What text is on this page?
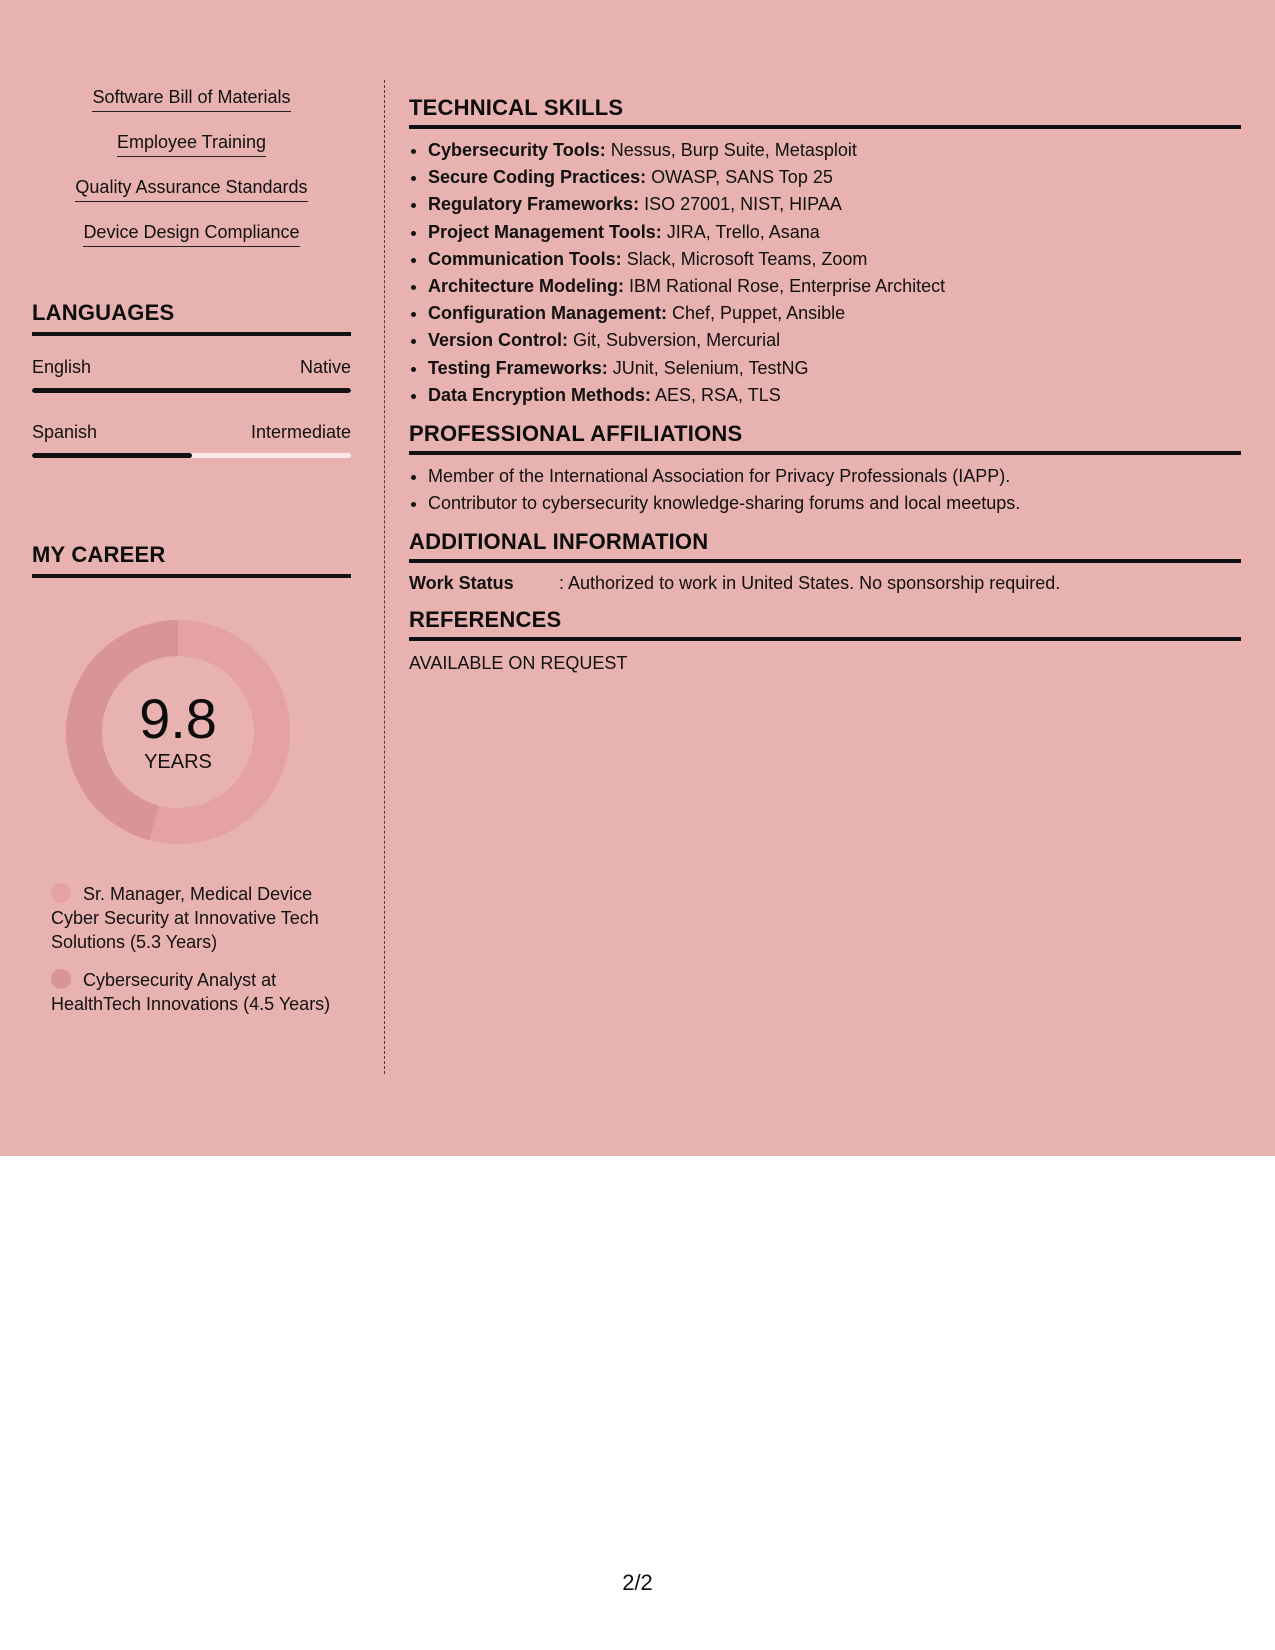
Software Bill of Materials
Employee Training
Quality Assurance Standards
Device Design Compliance
LANGUAGES
English	Native
Spanish	Intermediate
MY CAREER
9.8
YEARS
Sr. Manager, Medical Device Cyber Security at Innovative Tech Solutions (5.3 Years)
Cybersecurity Analyst at HealthTech Innovations (4.5 Years)
TECHNICAL SKILLS
• Cybersecurity Tools: Nessus, Burp Suite, Metasploit
• Secure Coding Practices: OWASP, SANS Top 25
• Regulatory Frameworks: ISO 27001, NIST, HIPAA
• Project Management Tools: JIRA, Trello, Asana
• Communication Tools: Slack, Microsoft Teams, Zoom
• Architecture Modeling: IBM Rational Rose, Enterprise Architect
• Configuration Management: Chef, Puppet, Ansible
• Version Control: Git, Subversion, Mercurial
• Testing Frameworks: JUnit, Selenium, TestNG
• Data Encryption Methods: AES, RSA, TLS
PROFESSIONAL AFFILIATIONS
• Member of the International Association for Privacy Professionals (IAPP).
• Contributor to cybersecurity knowledge-sharing forums and local meetups.
ADDITIONAL INFORMATION
Work Status	: Authorized to work in United States. No sponsorship required.
REFERENCES
AVAILABLE ON REQUEST
2/2
